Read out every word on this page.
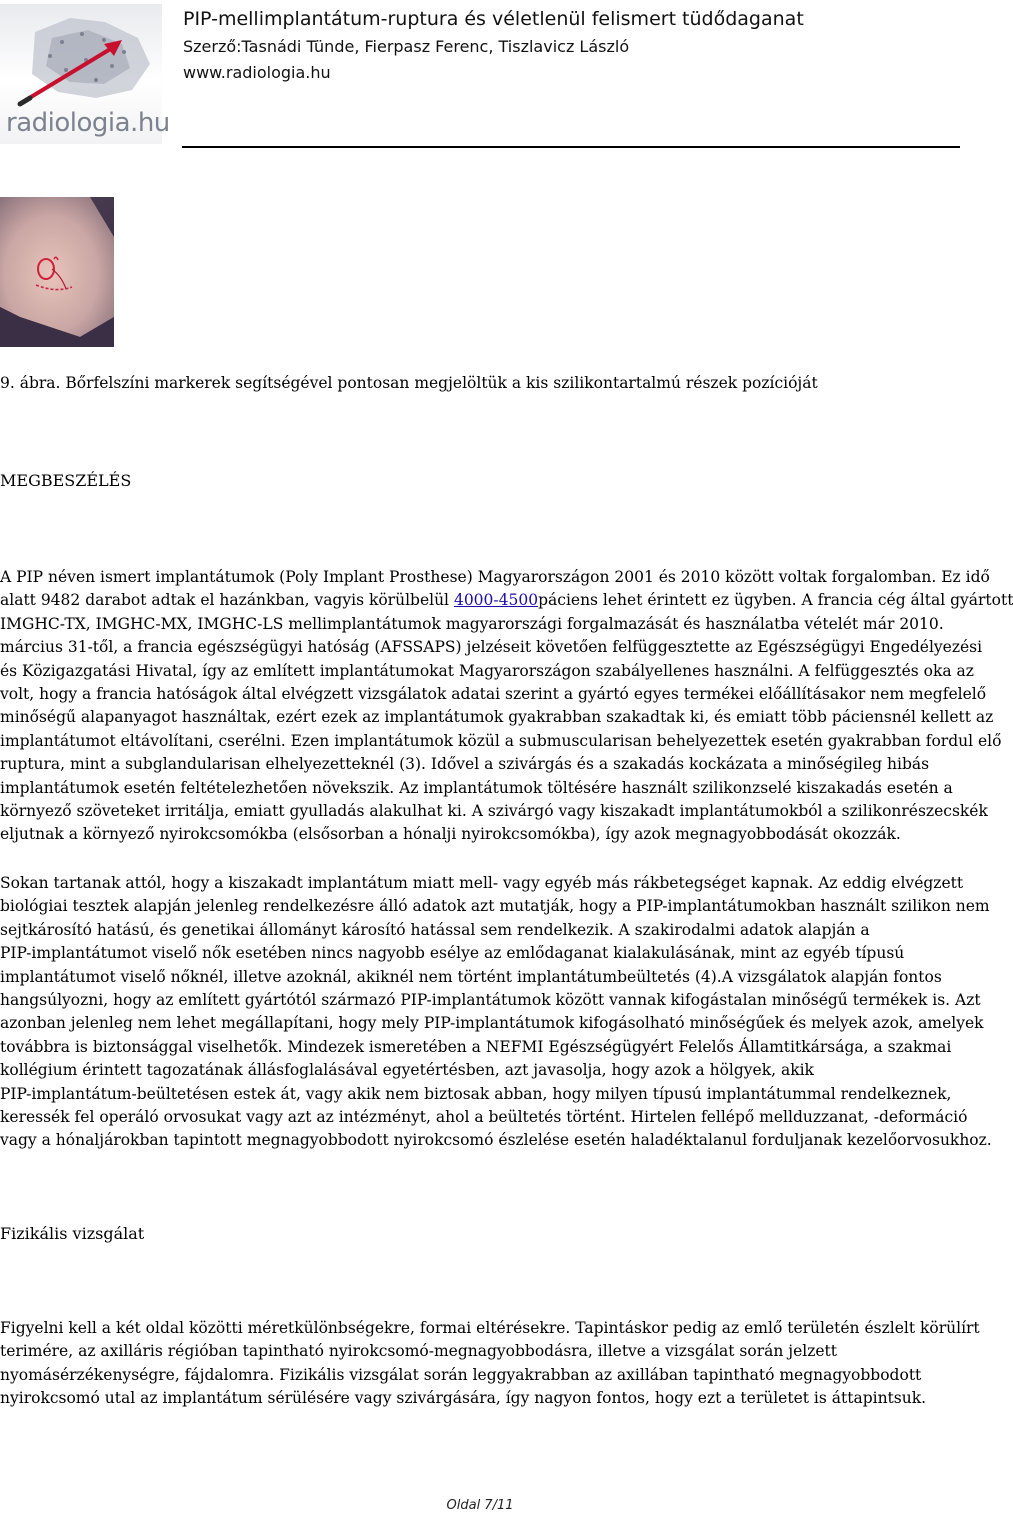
radiologia.hu
PIP-mellimplantátum-ruptura és véletlenül felismert tüdődaganat
Szerző:Tasnádi Tünde, Fierpasz Ferenc, Tiszlavicz László
www.radiologia.hu
9. ábra. Bőrfelszíni markerek segítségével pontosan megjelöltük a kis szilikontartalmú részek pozícióját
MEGBESZÉLÉS
A PIP néven ismert implantátumok (Poly Implant Prosthese) Magyarországon 2001 és 2010 között voltak forgalomban. Ez idő
alatt 9482 darabot adtak el hazánkban, vagyis körülbelül 4000-4500páciens lehet érintett ez ügyben. A francia cég által gyártott
IMGHC-TX, IMGHC-MX, IMGHC-LS mellimplantátumok magyarországi forgalmazását és használatba vételét már 2010.
március 31-től, a francia egészségügyi hatóság (AFSSAPS) jelzéseit követően felfüggesztette az Egészségügyi Engedélyezési
és Közigazgatási Hivatal, így az említett implantátumokat Magyarországon szabályellenes használni. A felfüggesztés oka az
volt, hogy a francia hatóságok által elvégzett vizsgálatok adatai szerint a gyártó egyes termékei előállításakor nem megfelelő
minőségű alapanyagot használtak, ezért ezek az implantátumok gyakrabban szakadtak ki, és emiatt több páciensnél kellett az
implantátumot eltávolítani, cserélni. Ezen implantátumok közül a submuscularisan behelyezettek esetén gyakrabban fordul elő
ruptura, mint a subglandularisan elhelyezetteknél (3). Idővel a szivárgás és a szakadás kockázata a minőségileg hibás
implantátumok esetén feltételezhetően növekszik. Az implantátumok töltésére használt szilikonzselé kiszakadás esetén a
környező szöveteket irritálja, emiatt gyulladás alakulhat ki. A szivárgó vagy kiszakadt implantátumokból a szilikonrészecskék
eljutnak a környező nyirokcsomókba (elsősorban a hónalji nyirokcsomókba), így azok megnagyobbodását okozzák.
Sokan tartanak attól, hogy a kiszakadt implantátum miatt mell- vagy egyéb más rákbetegséget kapnak. Az eddig elvégzett
biológiai tesztek alapján jelenleg rendelkezésre álló adatok azt mutatják, hogy a PIP-implantátumokban használt szilikon nem
sejtkárosító hatású, és genetikai állományt károsító hatással sem rendelkezik. A szakirodalmi adatok alapján a
PIP-implantátumot viselő nők esetében nincs nagyobb esélye az emlődaganat kialakulásának, mint az egyéb típusú
implantátumot viselő nőknél, illetve azoknál, akiknél nem történt implantátumbeültetés (4).A vizsgálatok alapján fontos
hangsúlyozni, hogy az említett gyártótól származó PIP-implantátumok között vannak kifogástalan minőségű termékek is. Azt
azonban jelenleg nem lehet megállapítani, hogy mely PIP-implantátumok kifogásolható minőségűek és melyek azok, amelyek
továbbra is biztonsággal viselhetők. Mindezek ismeretében a NEFMI Egészségügyért Felelős Államtitkársága, a szakmai
kollégium érintett tagozatának állásfoglalásával egyetértésben, azt javasolja, hogy azok a hölgyek, akik
PIP-implantátum-beültetésen estek át, vagy akik nem biztosak abban, hogy milyen típusú implantátummal rendelkeznek,
keressék fel operáló orvosukat vagy azt az intézményt, ahol a beültetés történt. Hirtelen fellépő mellduzzanat, -deformáció
vagy a hónaljárokban tapintott megnagyobbodott nyirokcsomó észlelése esetén haladéktalanul forduljanak kezelőorvosukhoz.
Fizikális vizsgálat
Figyelni kell a két oldal közötti méretkülönbségekre, formai eltérésekre. Tapintáskor pedig az emlő területén észlelt körülírt
terimére, az axilláris régióban tapintható nyirokcsomó-megnagyobbodásra, illetve a vizsgálat során jelzett
nyomásérzékenységre, fájdalomra. Fizikális vizsgálat során leggyakrabban az axillában tapintható megnagyobbodott
nyirokcsomó utal az implantátum sérülésére vagy szivárgására, így nagyon fontos, hogy ezt a területet is áttapintsuk.
Oldal 7/11
